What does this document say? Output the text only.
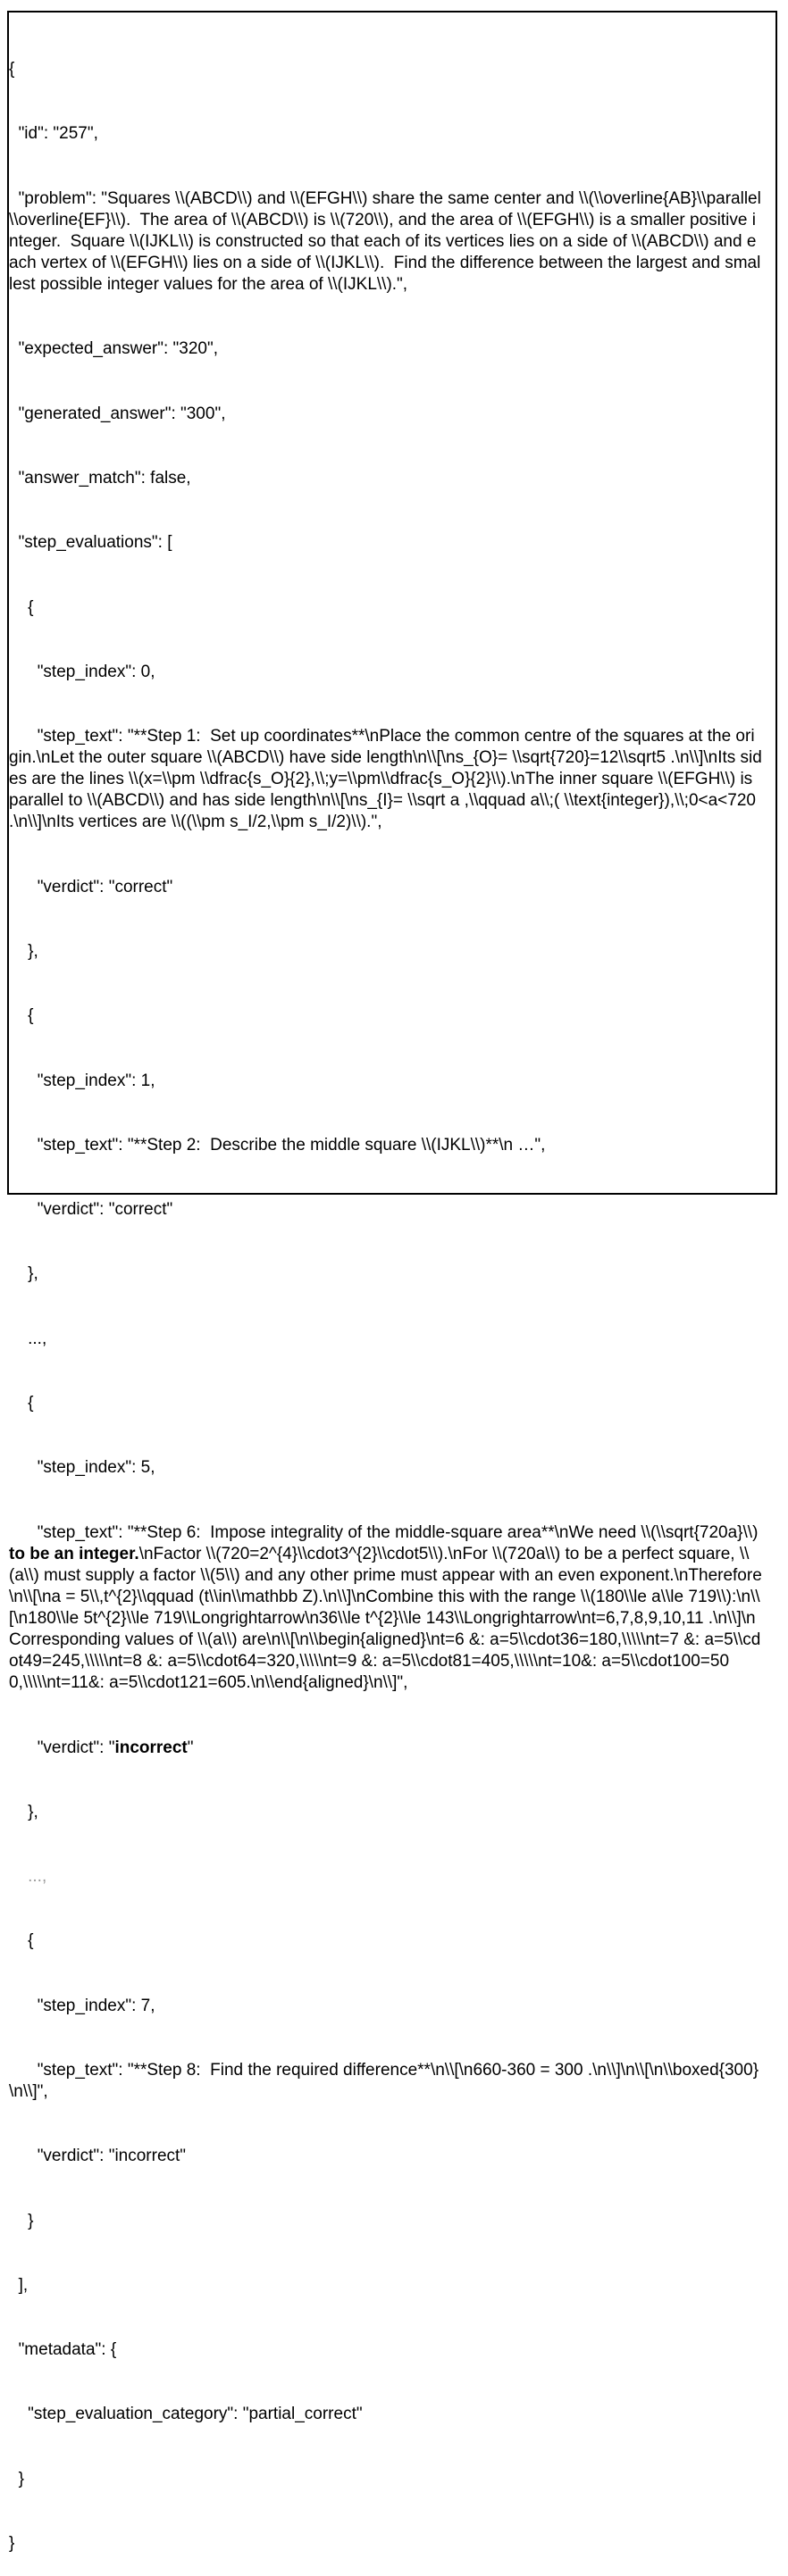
{

"id": "257",

"problem": "Squares \\(ABCD\\) and \\(EFGH\\) share the same center and \\(\\overline{AB}\\parallel\\overline{EF}\\).  The area of \\(ABCD\\) is \\(720\\), and the area of \\(EFGH\\) is a smaller positive integer.  Square \\(IJKL\\) is constructed so that each of its vertices lies on a side of \\(ABCD\\) and each vertex of \\(EFGH\\) lies on a side of \\(IJKL\\).  Find the difference between the largest and smallest possible integer values for the area of \\(IJKL\\).",

"expected_answer": "320",

"generated_answer": "300",

"answer_match": false,

"step_evaluations": [

{

"step_index": 0,

"step_text": "**Step 1:  Set up coordinates**\nPlace the common centre of the squares at the origin.\nLet the outer square \\(ABCD\\) have side length\n\\[\ns_{O}= \\sqrt{720}=12\\sqrt5 .\n\\]\nIts sides are the lines \\(x=\\pm \\dfrac{s_O}{2},\\;y=\\pm\\dfrac{s_O}{2}\\).\nThe inner square \\(EFGH\\) is parallel to \\(ABCD\\) and has side length\n\\[\ns_{I}= \\sqrt a ,\\qquad a\\;( \\text{integer}),\\;0<a<720 .\n\\]\nIts vertices are \\((\\pm s_I/2,\\pm s_I/2)\\).",

"verdict": "correct"

},

{

"step_index": 1,

"step_text": "**Step 2:  Describe the middle square \\(IJKL\\)**\n …",

"verdict": "correct"

},

...,

{

"step_index": 5,

"step_text": "**Step 6:  Impose integrality of the middle-square area**\nWe need \\(\\sqrt{720a}\\) to be an integer.\nFactor \\(720=2^{4}\\cdot3^{2}\\cdot5\\).\nFor \\(720a\\) to be a perfect square, \\(a\\) must supply a factor \\(5\\) and any other prime must appear with an even exponent.\nTherefore\n\\[\na = 5\\,t^{2}\\qquad (t\\in\\mathbb Z).\n\\]\nCombine this with the range \\(180\\le a\\le 719\\):\n\\[\n180\\le 5t^{2}\\le 719\\Longrightarrow\n36\\le t^{2}\\le 143\\Longrightarrow\nt=6,7,8,9,10,11 .\n\\]\nCorresponding values of \\(a\\) are\n\\[\n\\begin{aligned}\nt=6 &: a=5\\cdot36=180,\\\\\nt=7 &: a=5\\cdot49=245,\\\\\nt=8 &: a=5\\cdot64=320,\\\\\nt=9 &: a=5\\cdot81=405,\\\\\nt=10&: a=5\\cdot100=500,\\\\\nt=11&: a=5\\cdot121=605.\n\\end{aligned}\n\\]",

"verdict": "incorrect"

},

...,

{

"step_index": 7,

"step_text": "**Step 8:  Find the required difference**\n\\[\n660-360 = 300 .\n\\]\n\\[\n\\boxed{300}\n\\]",

"verdict": "incorrect"

}

],

"metadata": {

"step_evaluation_category": "partial_correct"

}

}
